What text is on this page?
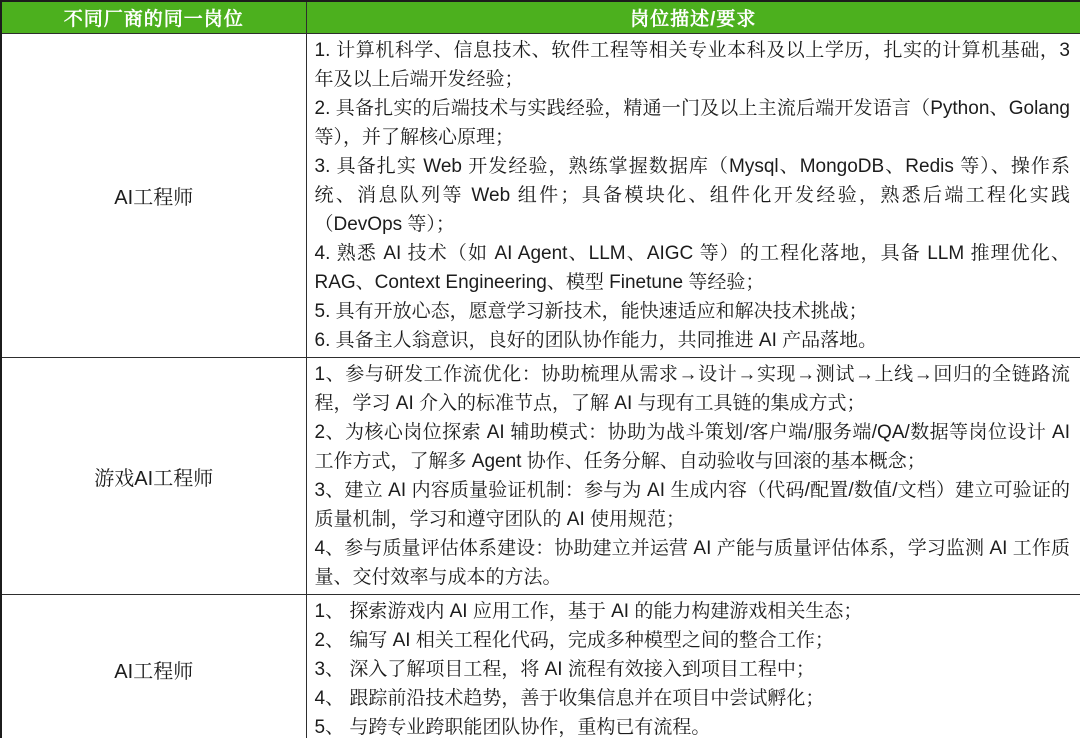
不同厂商的同一岗位	岗位描述/要求
AI工程师	
1. 计算机科学、信息技术、软件工程等相关专业本科及以上学历，扎实的计算机基础，3 年及以上后端开发经验；
2. 具备扎实的后端技术与实践经验，精通一门及以上主流后端开发语言（Python、Golang 等），并了解核心原理；
3. 具备扎实 Web 开发经验，熟练掌握数据库（Mysql、MongoDB、Redis 等）、操作系统、消息队列等 Web 组件；具备模块化、组件化开发经验，熟悉后端工程化实践（DevOps 等）；
4. 熟悉 AI 技术（如 AI Agent、LLM、AIGC 等）的工程化落地，具备 LLM 推理优化、 RAG、Context Engineering、模型 Finetune 等经验；
5. 具有开放心态，愿意学习新技术，能快速适应和解决技术挑战；
6. 具备主人翁意识，良好的团队协作能力，共同推进 AI 产品落地。

游戏AI工程师	1、参与研发工作流优化：协助梳理从需求→设计→实现→测试→上线→回归的全链路流程，学习 AI 介入的标准节点，了解 AI 与现有工具链的集成方式；
2、为核心岗位探索 AI 辅助模式：协助为战斗策划/客户端/服务端/QA/数据等岗位设计 AI 工作方式，了解多 Agent 协作、任务分解、自动验收与回滚的基本概念；
3、建立 AI 内容质量验证机制：参与为 AI 生成内容（代码/配置/数值/文档）建立可验证的质量机制，学习和遵守团队的 AI 使用规范；
4、参与质量评估体系建设：协助建立并运营 AI 产能与质量评估体系，学习监测 AI 工作质量、交付效率与成本的方法。

AI工程师	1、 探索游戏内 AI 应用工作，基于 AI 的能力构建游戏相关生态；
2、 编写 AI 相关工程化代码，完成多种模型之间的整合工作；
3、 深入了解项目工程，将 AI 流程有效接入到项目工程中；
4、 跟踪前沿技术趋势，善于收集信息并在项目中尝试孵化；
5、 与跨专业跨职能团队协作，重构已有流程。
